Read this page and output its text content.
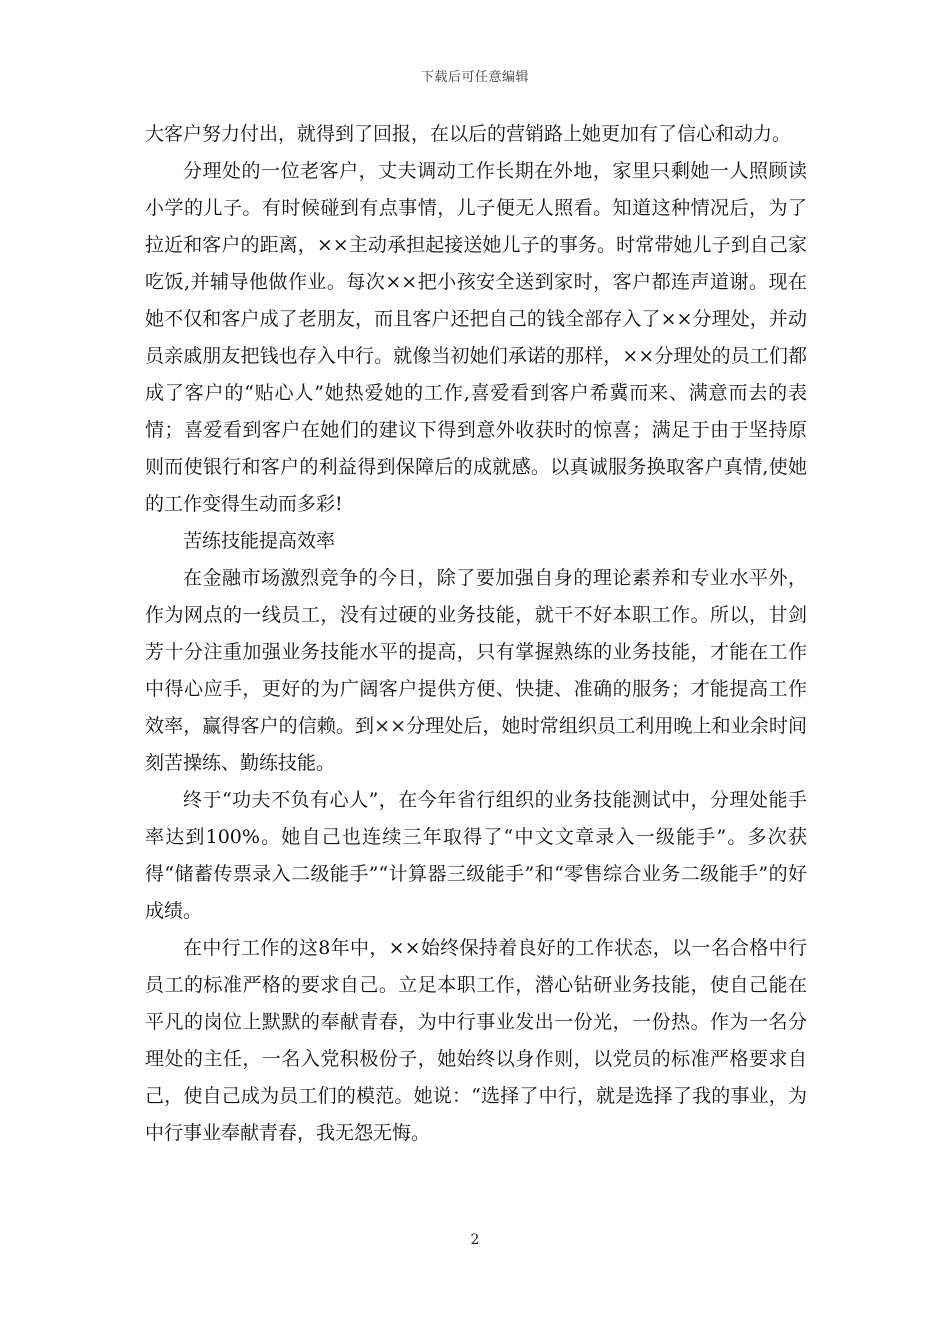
下载后可任意编辑

大客户努力付出，就得到了回报，在以后的营销路上她更加有了信心和动力。

分理处的一位老客户，丈夫调动工作长期在外地，家里只剩她一人照顾读小学的儿子。有时候碰到有点事情，儿子便无人照看。知道这种情况后，为了拉近和客户的距离，××主动承担起接送她儿子的事务。时常带她儿子到自己家吃饭,并辅导他做作业。每次××把小孩安全送到家时，客户都连声道谢。现在她不仅和客户成了老朋友，而且客户还把自己的钱全部存入了××分理处，并动员亲戚朋友把钱也存入中行。就像当初她们承诺的那样，××分理处的员工们都成了客户的“贴心人”她热爱她的工作,喜爱看到客户希冀而来、满意而去的表情；喜爱看到客户在她们的建议下得到意外收获时的惊喜；满足于由于坚持原则而使银行和客户的利益得到保障后的成就感。以真诚服务换取客户真情,使她的工作变得生动而多彩!

苦练技能提高效率

在金融市场激烈竞争的今日，除了要加强自身的理论素养和专业水平外，作为网点的一线员工，没有过硬的业务技能，就干不好本职工作。所以，甘剑芳十分注重加强业务技能水平的提高，只有掌握熟练的业务技能，才能在工作中得心应手，更好的为广阔客户提供方便、快捷、准确的服务；才能提高工作效率，赢得客户的信赖。到××分理处后，她时常组织员工利用晚上和业余时间刻苦操练、勤练技能。

终于“功夫不负有心人”，在今年省行组织的业务技能测试中，分理处能手率达到100%。她自己也连续三年取得了“中文文章录入一级能手”。多次获得“储蓄传票录入二级能手”“计算器三级能手”和“零售综合业务二级能手”的好成绩。

在中行工作的这8年中，××始终保持着良好的工作状态，以一名合格中行员工的标准严格的要求自己。立足本职工作，潜心钻研业务技能，使自己能在平凡的岗位上默默的奉献青春，为中行事业发出一份光，一份热。作为一名分理处的主任，一名入党积极份子，她始终以身作则，以党员的标准严格要求自己，使自己成为员工们的模范。她说：“选择了中行，就是选择了我的事业，为中行事业奉献青春，我无怨无悔。

2
